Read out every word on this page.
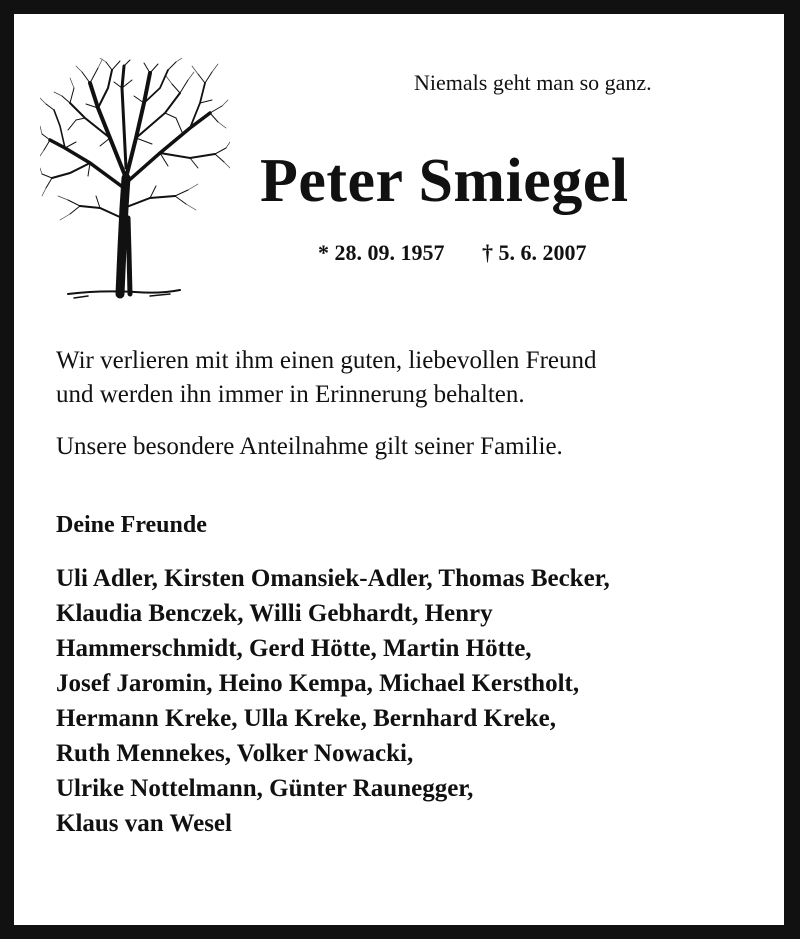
Niemals geht man so ganz.
Peter Smiegel
* 28. 09. 1957 † 5. 6. 2007
Wir verlieren mit ihm einen guten, liebevollen Freund
und werden ihn immer in Erinnerung behalten.
Unsere besondere Anteilnahme gilt seiner Familie.
Deine Freunde
Uli Adler, Kirsten Omansiek-Adler, Thomas Becker,
Klaudia Benczek, Willi Gebhardt, Henry
Hammerschmidt, Gerd Hötte, Martin Hötte,
Josef Jaromin, Heino Kempa, Michael Kerstholt,
Hermann Kreke, Ulla Kreke, Bernhard Kreke,
Ruth Mennekes, Volker Nowacki,
Ulrike Nottelmann, Günter Raunegger,
Klaus van Wesel
